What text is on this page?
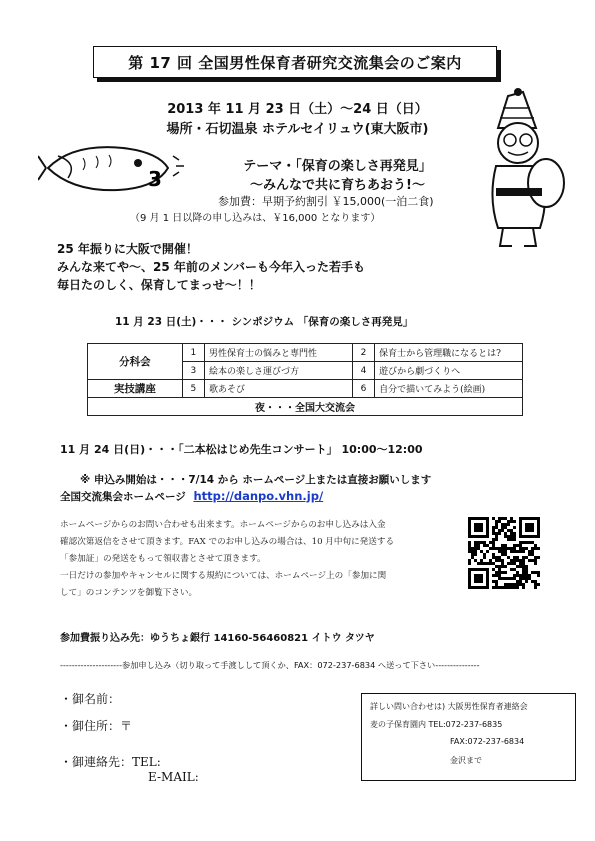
第 17 回 全国男性保育者研究交流集会のご案内
2013 年 11 月 23 日（土）～24 日（日）
場所・石切温泉 ホテルセイリュウ(東大阪市)
3
テーマ・「保育の楽しさ再発見」
～みんなで共に育ちあおう!～
参加費：早期予約割引 ￥15,000(一泊二食)
（9 月 1 日以降の申し込みは、￥16,000 となります）
25 年振りに大阪で開催！
みんな来てや～、25 年前のメンバーも今年入った若手も
毎日たのしく、保育してまっせ～！！
11 月 23 日(土)・・・ シンポジウム 「保育の楽しさ再発見」
分科会	1	男性保育士の悩みと専門性	2	保育士から管理職になるとは?
	3	絵本の楽しさ運びづ方	4	遊びから劇づくりへ
実技講座	5	歌あそび	6	自分で描いてみよう(絵画)
夜・・・全国大交流会				
11 月 24 日(日)・・・「二本松はじめ先生コンサート」 10:00～12:00
※ 申込み開始は・・・7/14 から ホームページ上または直接お願いします
全国交流集会ホームページ http://danpo.vhn.jp/
ホームページからのお問い合わせも出来ます。ホームページからのお申し込みは入金
確認次第返信をさせて頂きます。FAX でのお申し込みの場合は、10 月中旬に発送する
「参加証」の発送をもって領収書とさせて頂きます。
一日だけの参加やキャンセルに関する規約については、ホームページ上の「参加に関
して」のコンテンツを御覧下さい。
参加費振り込み先：ゆうちょ銀行 14160-56460821 イトウ タツヤ
---------------------参加申し込み（切り取って手渡しして頂くか、FAX：072-237-6834 へ送って下さい---------------
・御名前：
・御住所：〒
・御連絡先：TEL:
E-MAIL:
詳しい問い合わせは) 大阪男性保育者連絡会
麦の子保育園内 TEL:072-237-6835
FAX:072-237-6834
金沢まで
